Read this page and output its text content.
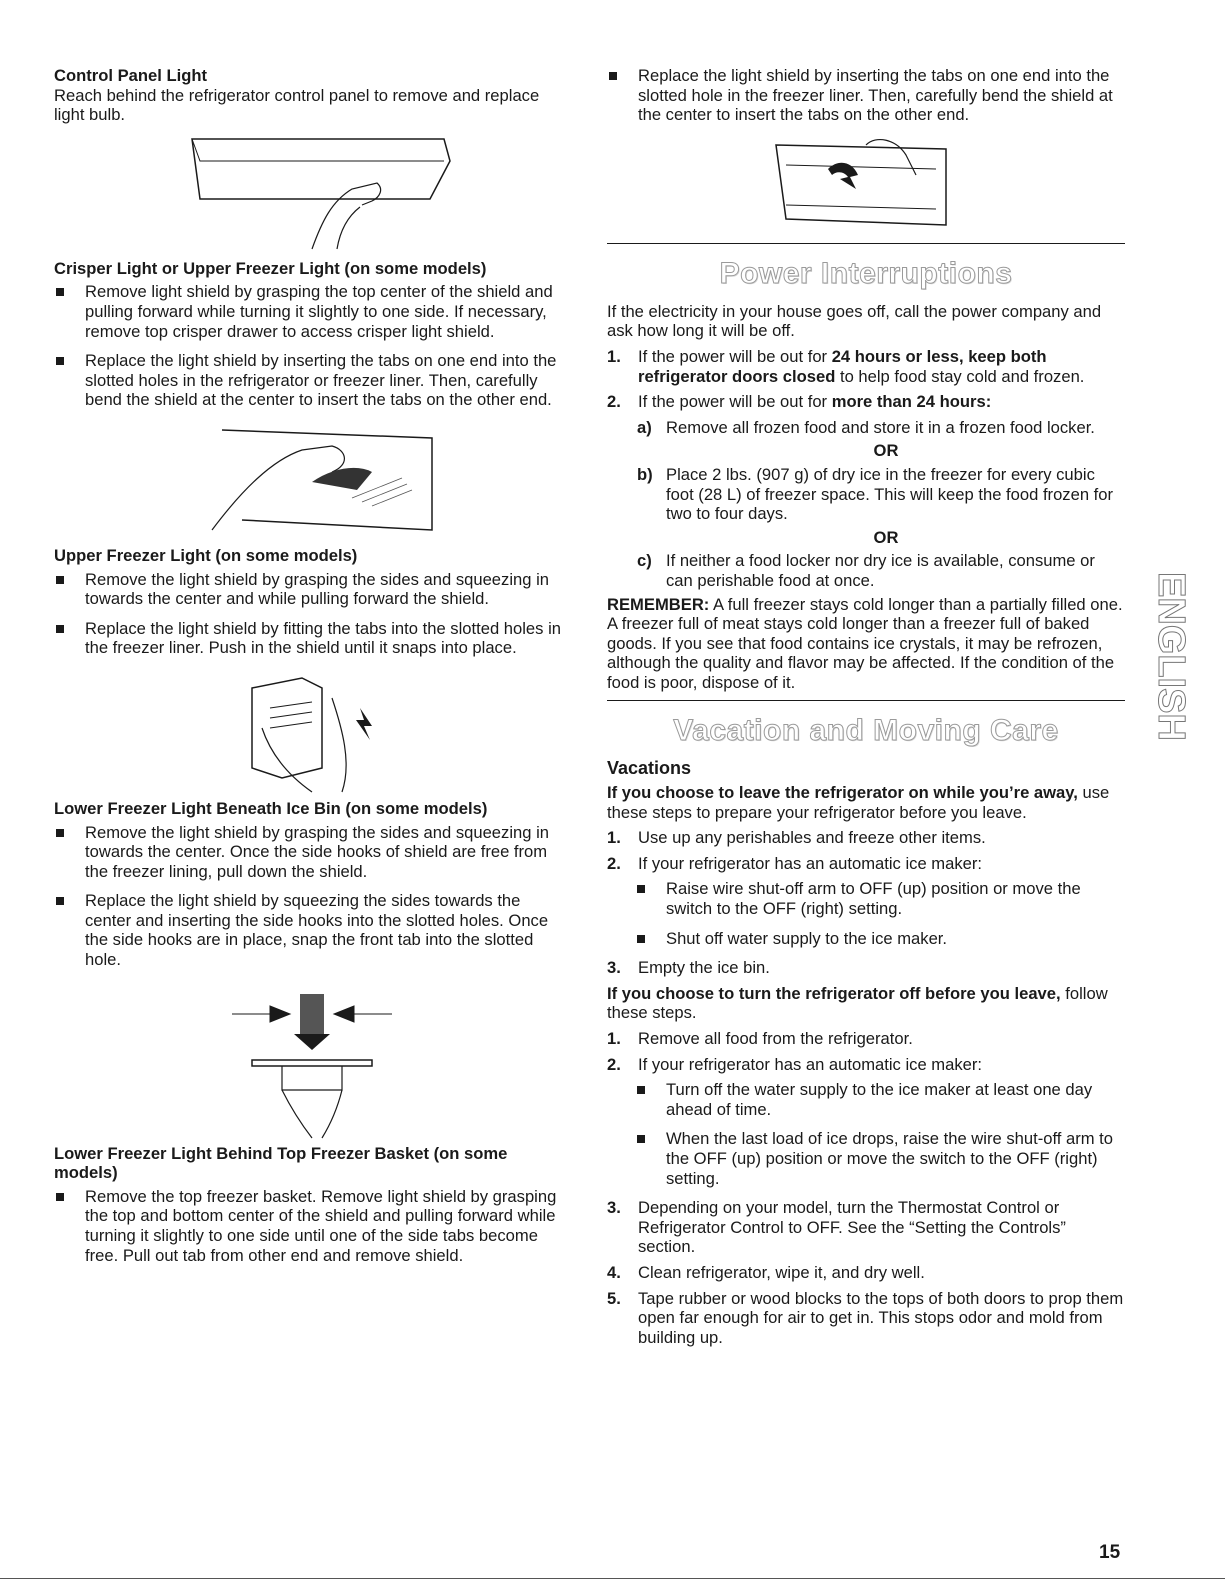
Control Panel Light

Reach behind the refrigerator control panel to remove and replace light bulb.

Crisper Light or Upper Freezer Light (on some models)

Remove light shield by grasping the top center of the shield and pulling forward while turning it slightly to one side. If necessary, remove top crisper drawer to access crisper light shield.
Replace the light shield by inserting the tabs on one end into the slotted holes in the refrigerator or freezer liner. Then, carefully bend the shield at the center to insert the tabs on the other end.

Upper Freezer Light (on some models)

Remove the light shield by grasping the sides and squeezing in towards the center and while pulling forward the shield.
Replace the light shield by fitting the tabs into the slotted holes in the freezer liner. Push in the shield until it snaps into place.

Lower Freezer Light Beneath Ice Bin (on some models)

Remove the light shield by grasping the sides and squeezing in towards the center. Once the side hooks of shield are free from the freezer lining, pull down the shield.
Replace the light shield by squeezing the sides towards the center and inserting the side hooks into the slotted holes. Once the side hooks are in place, snap the front tab into the slotted hole.

Lower Freezer Light Behind Top Freezer Basket (on some models)

Remove the top freezer basket. Remove light shield by grasping the top and bottom center of the shield and pulling forward while turning it slightly to one side until one of the side tabs become free. Pull out tab from other end and remove shield.
Replace the light shield by inserting the tabs on one end into the slotted hole in the freezer liner. Then, carefully bend the shield at the center to insert the tabs on the other end.
Power Interruptions

If the electricity in your house goes off, call the power company and ask how long it will be off.

1. If the power will be out for 24 hours or less, keep both refrigerator doors closed to help food stay cold and frozen.
2. If the power will be out for more than 24 hours:
a) Remove all frozen food and store it in a frozen food locker.
OR
b) Place 2 lbs. (907 g) of dry ice in the freezer for every cubic foot (28 L) of freezer space. This will keep the food frozen for two to four days.
OR
c) If neither a food locker nor dry ice is available, consume or can perishable food at once.

REMEMBER: A full freezer stays cold longer than a partially filled one. A freezer full of meat stays cold longer than a freezer full of baked goods. If you see that food contains ice crystals, it may be refrozen, although the quality and flavor may be affected. If the condition of the food is poor, dispose of it.

Vacation and Moving Care

Vacations

If you choose to leave the refrigerator on while you’re away, use these steps to prepare your refrigerator before you leave.

1. Use up any perishables and freeze other items.
2. If your refrigerator has an automatic ice maker:
Raise wire shut-off arm to OFF (up) position or move the switch to the OFF (right) setting.
Shut off water supply to the ice maker.
3. Empty the ice bin.

If you choose to turn the refrigerator off before you leave, follow these steps.

1. Remove all food from the refrigerator.
2. If your refrigerator has an automatic ice maker:
Turn off the water supply to the ice maker at least one day ahead of time.
When the last load of ice drops, raise the wire shut-off arm to the OFF (up) position or move the switch to the OFF (right) setting.
3. Depending on your model, turn the Thermostat Control or Refrigerator Control to OFF. See the “Setting the Controls” section.
4. Clean refrigerator, wipe it, and dry well.
5. Tape rubber or wood blocks to the tops of both doors to prop them open far enough for air to get in. This stops odor and mold from building up.
ENGLISH
15
